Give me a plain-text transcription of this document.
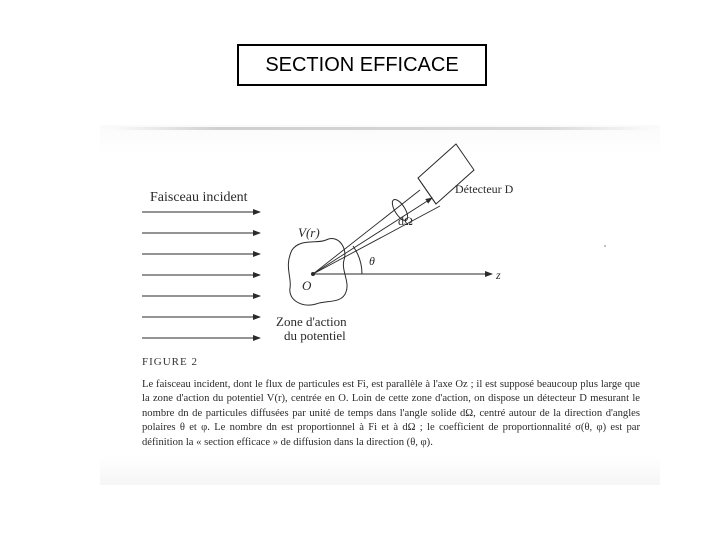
SECTION EFFICACE
Faisceau incident
V(r)
O
dΩ
Détecteur D
θ
z
Zone d'action
du potentiel
FIGURE 2
Le faisceau incident, dont le flux de particules est Fi, est parallèle à l'axe Oz ; il est supposé beaucoup plus large que la zone d'action du potentiel V(r), centrée en O. Loin de cette zone d'action, on dispose un détecteur D mesurant le nombre dn de particules diffusées par unité de temps dans l'angle solide dΩ, centré autour de la direction d'angles polaires θ et φ. Le nombre dn est proportionnel à Fi et à dΩ ; le coefficient de proportionnalité σ(θ, φ) est par définition la « section efficace » de diffusion dans la direction (θ, φ).
